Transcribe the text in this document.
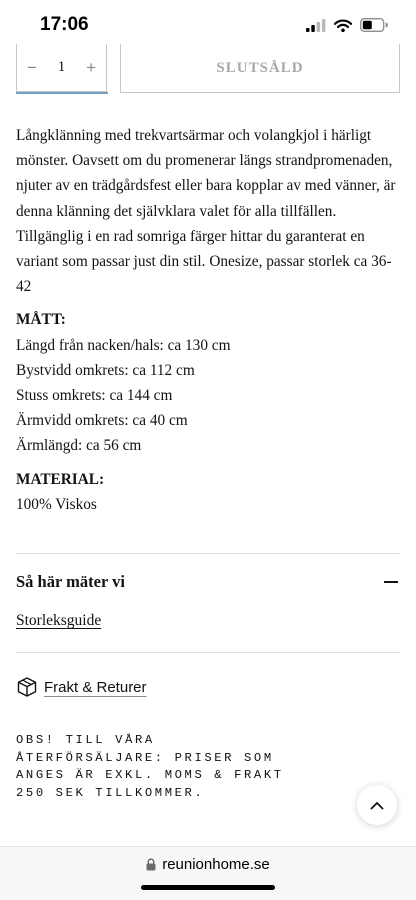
17:06
− 1 +	SLUTSÅLD

Långklänning med trekvartsärmar och volangkjol i härligt mönster. Oavsett om du promenerar längs strandpromenaden, njuter av en trädgårdsfest eller bara kopplar av med vänner, är denna klänning det självklara valet för alla tillfällen. Tillgänglig i en rad somriga färger hittar du garanterat en variant som passar just din stil. Onesize, passar storlek ca 36- 42

MÅTT:

Längd från nacken/hals: ca 130 cm

Bystvidd omkrets: ca 112 cm

Stuss omkrets: ca 144 cm

Ärmvidd omkrets: ca 40 cm

Ärmlängd: ca 56 cm

MATERIAL:

100% Viskos

Så här mäter vi
Storleksguide
Frakt & Returer
OBS! TILL VÅRA
ÅTERFÖRSÄLJARE: PRISER SOM
ANGES ÄR EXKL. MOMS & FRAKT
250 SEK TILLKOMMER.
reunionhome.se
